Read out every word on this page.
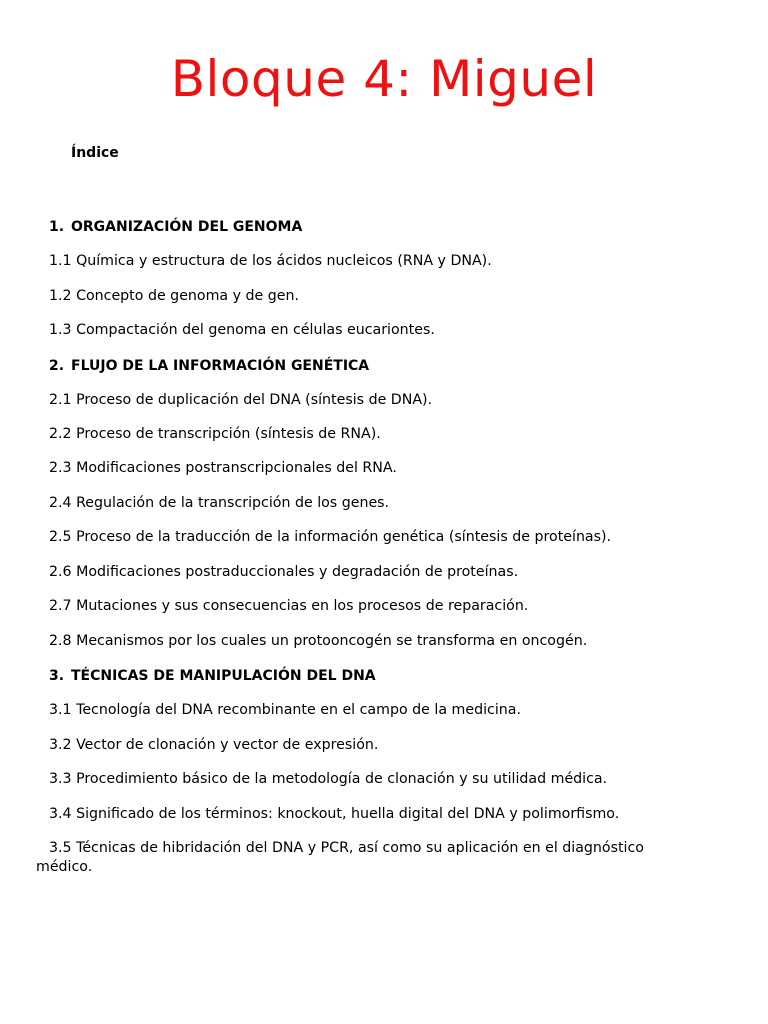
Bloque 4: Miguel
Índice
1. ORGANIZACIÓN DEL GENOMA
1.1 Química y estructura de los ácidos nucleicos (RNA y DNA).
1.2 Concepto de genoma y de gen.
1.3 Compactación del genoma en células eucariontes.
2. FLUJO DE LA INFORMACIÓN GENÉTICA
2.1 Proceso de duplicación del DNA (síntesis de DNA).
2.2 Proceso de transcripción (síntesis de RNA).
2.3 Modificaciones postranscripcionales del RNA.
2.4 Regulación de la transcripción de los genes.
2.5 Proceso de la traducción de la información genética (síntesis de proteínas).
2.6 Modificaciones postraduccionales y degradación de proteínas.
2.7 Mutaciones y sus consecuencias en los procesos de reparación.
2.8 Mecanismos por los cuales un protooncogén se transforma en oncogén.
3. TÉCNICAS DE MANIPULACIÓN DEL DNA
3.1 Tecnología del DNA recombinante en el campo de la medicina.
3.2 Vector de clonación y vector de expresión.
3.3 Procedimiento básico de la metodología de clonación y su utilidad médica.
3.4 Significado de los términos: knockout, huella digital del DNA y polimorfismo.
3.5 Técnicas de hibridación del DNA y PCR, así como su aplicación en el diagnóstico médico.
